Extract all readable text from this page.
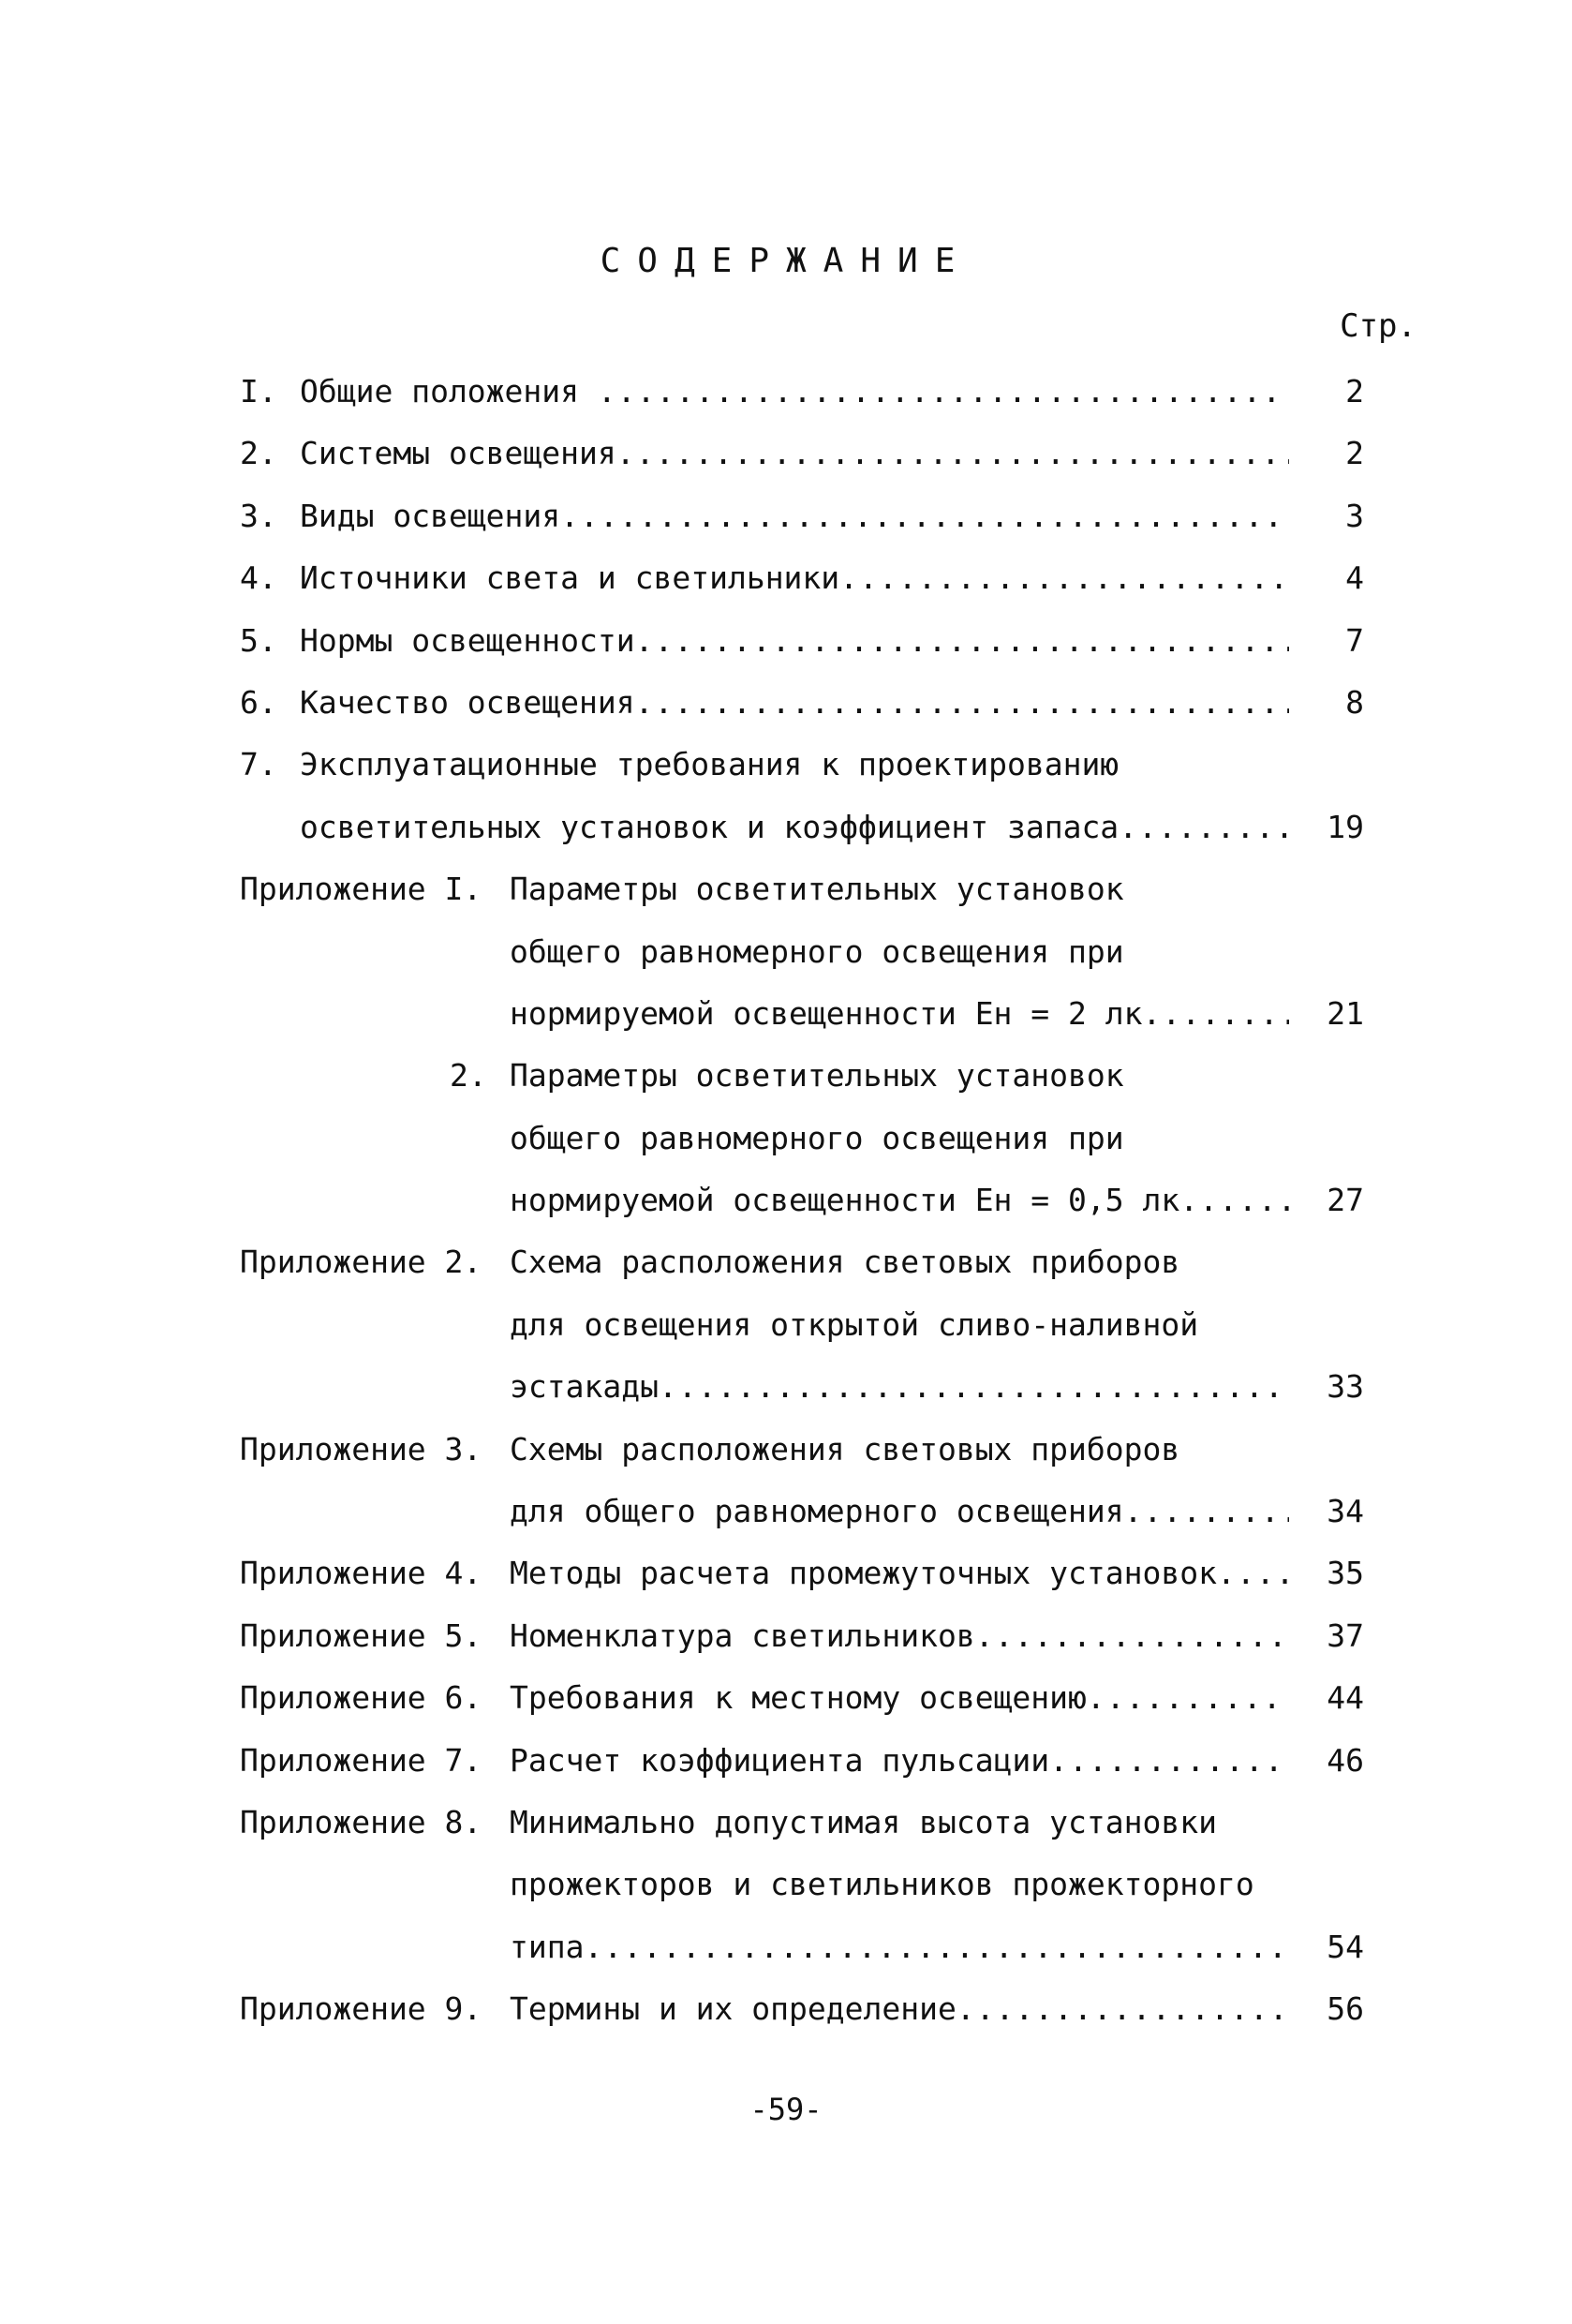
СОДЕРЖАНИЕ
Стр.
I. Общие положения .....	2
2. Системы освещения .....	2
3. Виды освещения .....	3
4. Источники света и светильники .....	4
5. Нормы освещенности .....	7
6. Качество освещения .....	8
7. Эксплуатационные требования к проектированию
осветительных установок и коэффициент запаса .....	19
Приложение I. Параметры осветительных установок
общего равномерного освещения при
нормируемой освещенности Eн = 2 лк .....	21
2. Параметры осветительных установок
общего равномерного освещения при
нормируемой освещенности Eн = 0,5 лк .....	27
Приложение 2. Схема расположения световых приборов
для освещения открытой сливо-наливной
эстакады .....	33
Приложение 3. Схемы расположения световых приборов
для общего равномерного освещения .....	34
Приложение 4. Методы расчета промежуточных установок .....	35
Приложение 5. Номенклатура светильников .....	37
Приложение 6. Требования к местному освещению .....	44
Приложение 7. Расчет коэффициента пульсации .....	46
Приложение 8. Минимально допустимая высота установки
прожекторов и светильников прожекторного
типа .....	54
Приложение 9. Термины и их определение .....	56
-59-
